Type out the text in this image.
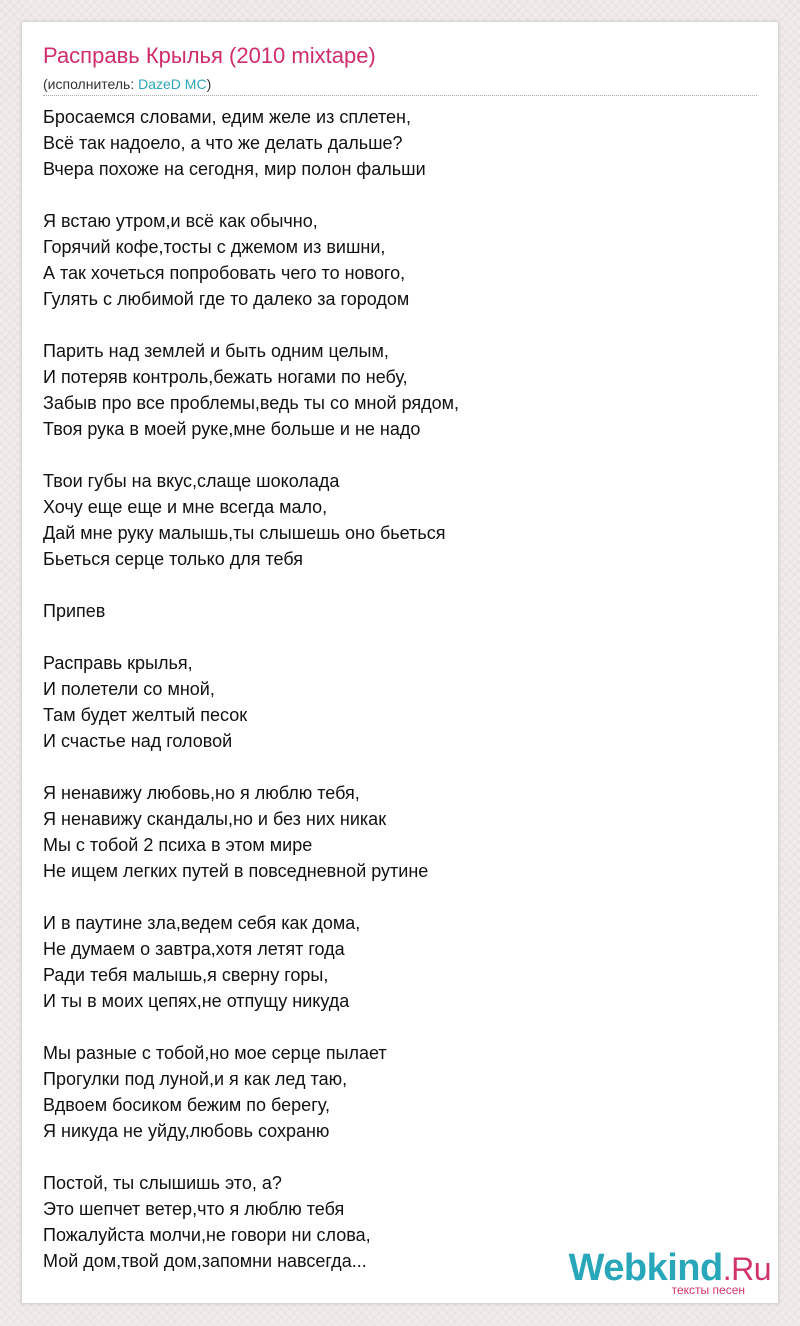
Расправь Крылья (2010 mixtape)
(исполнитель: DazeD MC)
Бросаемся словами, едим желе из сплетен,
Всё так надоело, а что же делать дальше?
Вчера похоже на сегодня, мир полон фальши
Я встаю утром,и всё как обычно,
Горячий кофе,тосты с джемом из вишни,
А так хочеться попробовать чего то нового,
Гулять с любимой где то далеко за городом
Парить над землей и быть одним целым,
И потеряв контроль,бежать ногами по небу,
Забыв про все проблемы,ведь ты со мной рядом,
Твоя рука в моей руке,мне больше и не надо
Твои губы на вкус,слаще шоколада
Хочу еще еще и мне всегда мало,
Дай мне руку малышь,ты слышешь оно бьеться
Бьеться серце только для тебя
Припев
Расправь крылья,
И полетели со мной,
Там будет желтый песок
И счастье над головой
Я ненавижу любовь,но я люблю тебя,
Я ненавижу скандалы,но и без них никак
Мы с тобой 2 психа в этом мире
Не ищем легких путей в повседневной рутине
И в паутине зла,ведем себя как дома,
Не думаем о завтра,хотя летят года
Ради тебя малышь,я сверну горы,
И ты в моих цепях,не отпущу никуда
Мы разные с тобой,но мое серце пылает
Прогулки под луной,и я как лед таю,
Вдвоем босиком бежим по берегу,
Я никуда не уйду,любовь сохраню
Постой, ты слышишь это, а?
Это шепчет ветер,что я люблю тебя
Пожалуйста молчи,не говори ни слова,
Мой дом,твой дом,запомни навсегда...	Webkind.Ru
тексты песен
